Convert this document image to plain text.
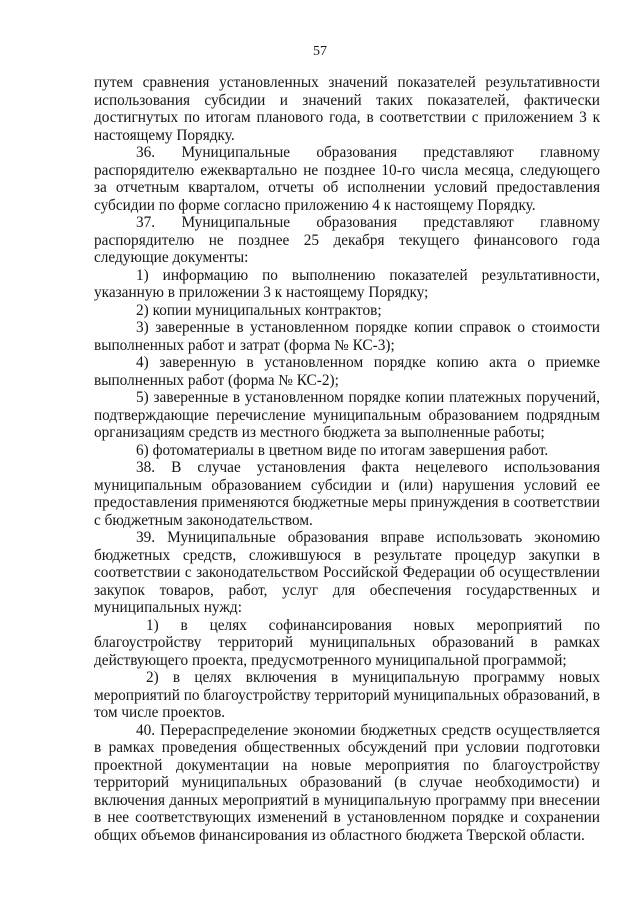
57

путем сравнения установленных значений показателей результативности использования субсидии и значений таких показателей, фактически достигнутых по итогам планового года, в соответствии с приложением 3 к настоящему Порядку.

36. Муниципальные образования представляют главному распорядителю ежеквартально не позднее 10-го числа месяца, следующего за отчетным кварталом, отчеты об исполнении условий предоставления субсидии по форме согласно приложению 4 к настоящему Порядку.

37. Муниципальные образования представляют главному распорядителю не позднее 25 декабря текущего финансового года следующие документы:

1) информацию по выполнению показателей результативности, указанную в приложении 3 к настоящему Порядку;

2) копии муниципальных контрактов;

3) заверенные в установленном порядке копии справок о стоимости выполненных работ и затрат (форма № КС-3);

4) заверенную в установленном порядке копию акта о приемке выполненных работ (форма № КС-2);

5) заверенные в установленном порядке копии платежных поручений, подтверждающие перечисление муниципальным образованием подрядным организациям средств из местного бюджета за выполненные работы;

6) фотоматериалы в цветном виде по итогам завершения работ.

38. В случае установления факта нецелевого использования муниципальным образованием субсидии и (или) нарушения условий ее предоставления применяются бюджетные меры принуждения в соответствии с бюджетным законодательством.

39. Муниципальные образования вправе использовать экономию бюджетных средств, сложившуюся в результате процедур закупки в соответствии с законодательством Российской Федерации об осуществлении закупок товаров, работ, услуг для обеспечения государственных и муниципальных нужд:

1) в целях софинансирования новых мероприятий по благоустройству территорий муниципальных образований в рамках действующего проекта, предусмотренного муниципальной программой;

2) в целях включения в муниципальную программу новых мероприятий по благоустройству территорий муниципальных образований, в том числе проектов.

40. Перераспределение экономии бюджетных средств осуществляется в рамках проведения общественных обсуждений при условии подготовки проектной документации на новые мероприятия по благоустройству территорий муниципальных образований (в случае необходимости) и включения данных мероприятий в муниципальную программу при внесении в нее соответствующих изменений в установленном порядке и сохранении общих объемов финансирования из областного бюджета Тверской области.
